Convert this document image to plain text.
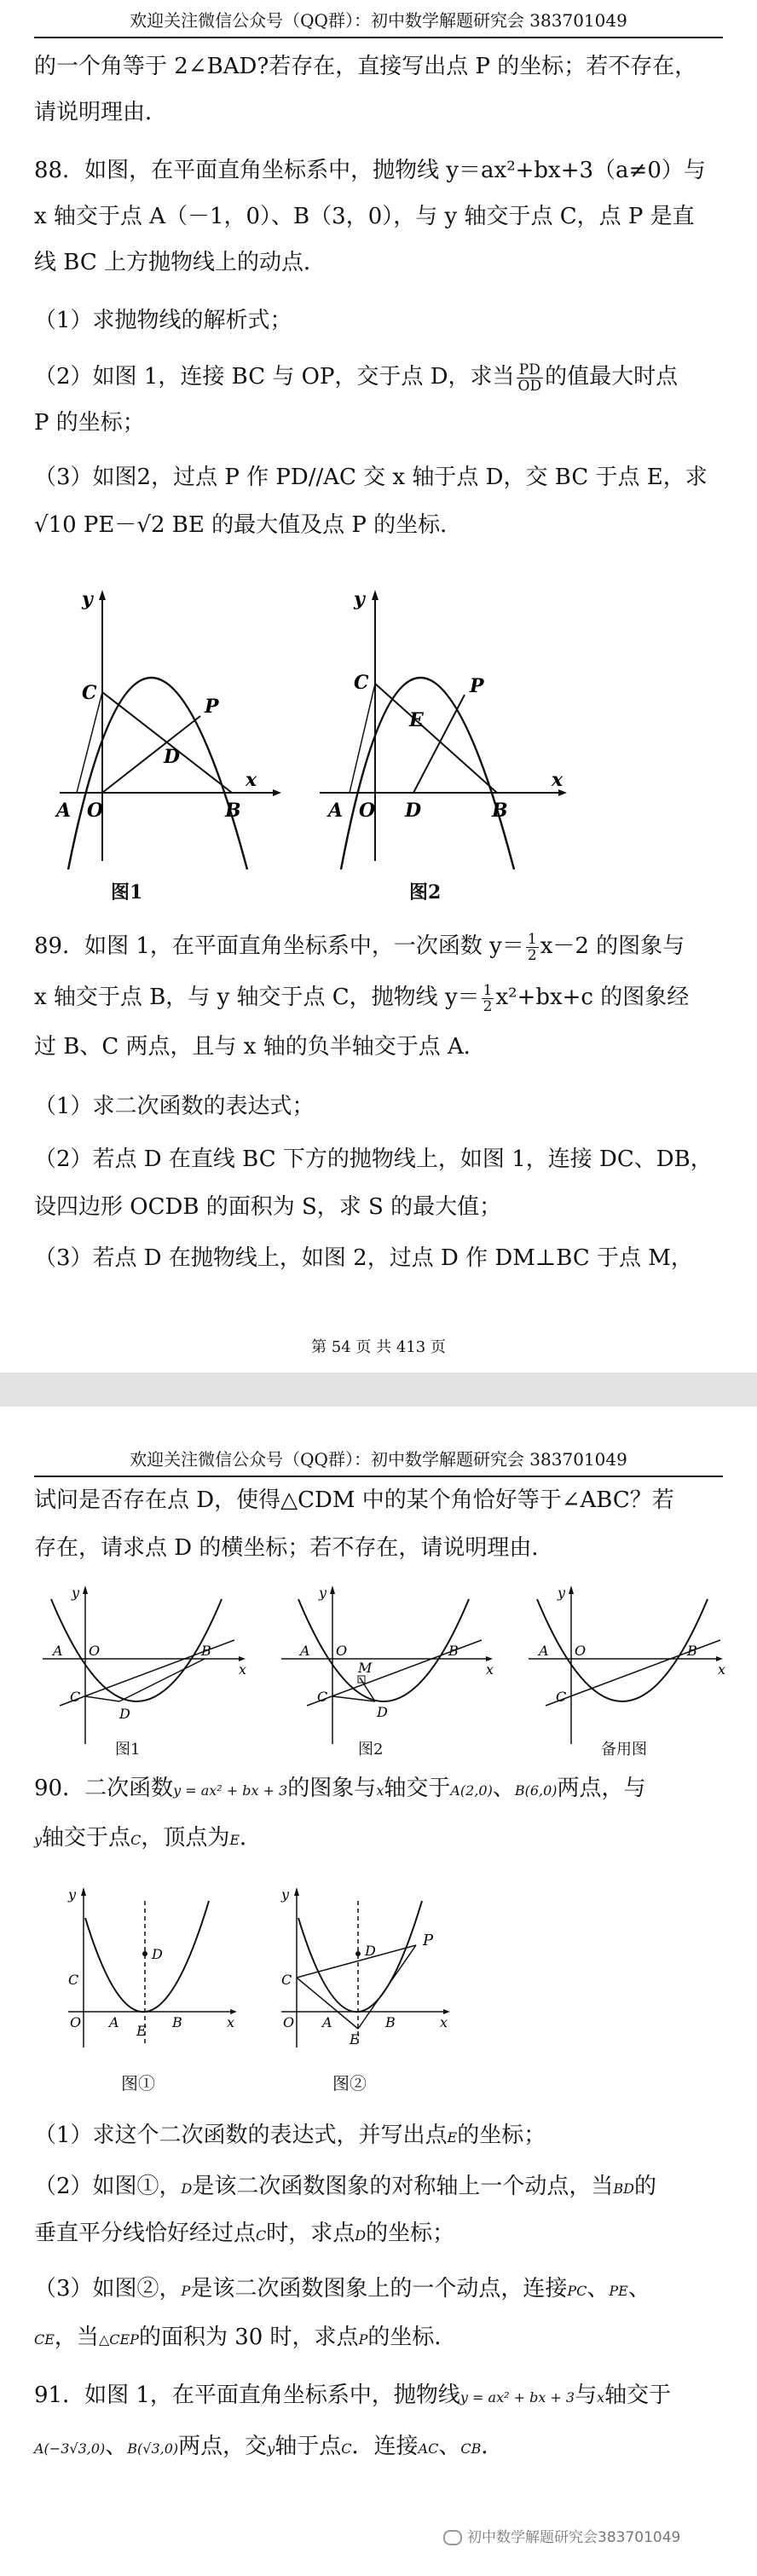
欢迎关注微信公众号（QQ群）：初中数学解题研究会 383701049
的一个角等于 2∠BAD?若存在，直接写出点 P 的坐标；若不存在，
请说明理由．
88．如图，在平面直角坐标系中，抛物线 y＝ax²+bx+3（a≠0）与
x 轴交于点 A（－1，0）、B（3，0），与 y 轴交于点 C，点 P 是直
线 BC 上方抛物线上的动点．
（1）求抛物线的解析式；
（2）如图 1，连接 BC 与 OP，交于点 D，求当 $\frac{PD}{OD}$ 的值最大时点
P 的坐标；
（3）如图2，过点 P 作 PD//AC 交 x 轴于点 D，交 BC 于点 E，求
√10 PE－√2 BE 的最大值及点 P 的坐标．
y
x
C
P
D
A O	B
图1
y
x
C	P
E
A O D	B
图2
89．如图 1，在平面直角坐标系中，一次函数 $y= \frac{1}{2} x-2$ 的图象与
x 轴交于点 B，与 y 轴交于点 C，抛物线 $y= \frac{1}{2} x^2+bx+c$ 的图象经
过 B、C 两点，且与 x 轴的负半轴交于点 A．
（1）求二次函数的表达式；
（2）若点 D 在直线 BC 下方的抛物线上，如图 1，连接 DC、DB，
设四边形 OCDB 的面积为 S，求 S 的最大值；
（3）若点 D 在抛物线上，如图 2，过点 D 作 DM⊥BC 于点 M，
第 54 页 共 413 页
欢迎关注微信公众号（QQ群）：初中数学解题研究会 383701049
试问是否存在点 D，使得△CDM 中的某个角恰好等于∠ABC？若
存在，请求点 D 的横坐标；若不存在，请说明理由．
y
x
A O	B
C
D
图1
y
x
A O	B
C
D
M
图2
y
x
A O	B
C
备用图
90．二次函数y = ax² + bx + 3的图象与x轴交于A(2,0)、B(6,0)两点，与
y轴交于点C，顶点为E．
y
x
D
C
O A
E
B
图①
y
x
D
P
C
O A
E
B
图②
（1）求这个二次函数的表达式，并写出点E的坐标；
（2）如图①，D是该二次函数图象的对称轴上一个动点，当BD的
垂直平分线恰好经过点C时，求点D的坐标；
（3）如图②，P是该二次函数图象上的一个动点，连接PC、PE、
CE，当△CEP的面积为 30 时，求点P的坐标．
91．如图 1，在平面直角坐标系中，抛物线y = ax² + bx + 3与x轴交于
A(−3√3,0)、B(√3,0)两点，交y轴于点C．连接AC、CB．
初中数学解题研究会383701049
